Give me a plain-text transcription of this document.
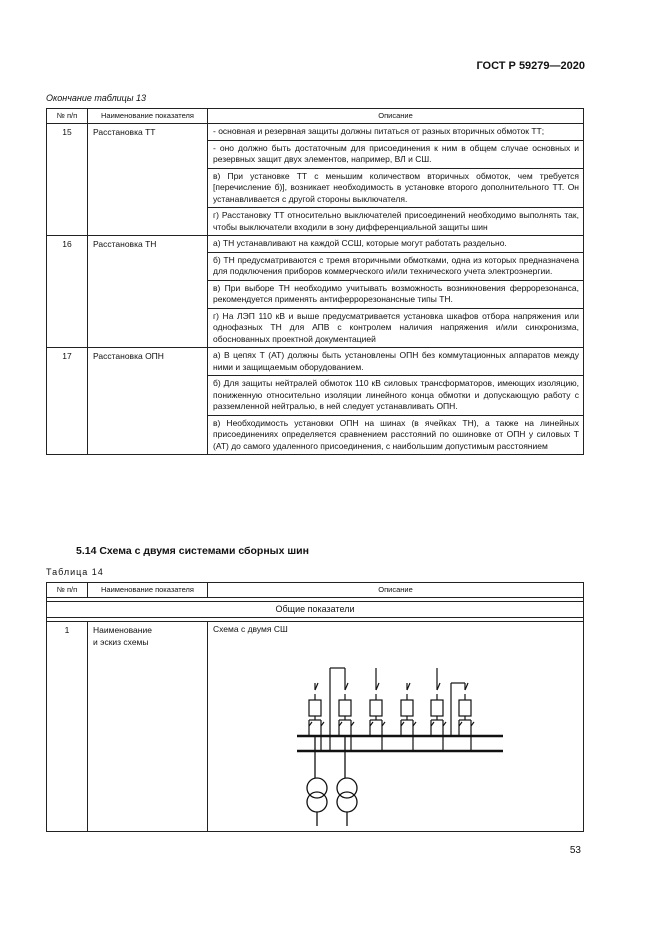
ГОСТ Р 59279—2020
Окончание таблицы 13
№ п/п	Наименование показателя	Описание
15	Расстановка ТТ	- основная и резервная защиты должны питаться от разных вторичных обмоток ТТ;

- оно должно быть достаточным для присоединения к ним в общем случае основных и резервных защит двух элементов, например, ВЛ и СШ.

в) При установке ТТ с меньшим количеством вторичных обмоток, чем требуется [перечисление б)], возникает необходимость в установке второго дополнительного ТТ. Он устанавливается с другой стороны выключателя.

г) Расстановку ТТ относительно выключателей присоединений необходимо выполнять так, чтобы выключатели входили в зону дифференциальной защиты шин

16	Расстановка ТН	а) ТН устанавливают на каждой ССШ, которые могут работать раздельно.

б) ТН предусматриваются с тремя вторичными обмотками, одна из которых предназначена для подключения приборов коммерческого и/или технического учета электроэнергии.

в) При выборе ТН необходимо учитывать возможность возникновения феррорезонанса, рекомендуется применять антиферрорезонансные типы ТН.

г) На ЛЭП 110 кВ и выше предусматривается установка шкафов отбора напряжения или однофазных ТН для АПВ с контролем наличия напряжения и/или синхронизма, обоснованных проектной документацией

17	Расстановка ОПН	а) В цепях Т (АТ) должны быть установлены ОПН без коммутационных аппаратов между ними и защищаемым оборудованием.

б) Для защиты нейтралей обмоток 110 кВ силовых трансформаторов, имеющих изоляцию, пониженную относительно изоляции линейного конца обмотки и допускающую работу с разземленной нейтралью, в ней следует устанавливать ОПН.

в) Необходимость установки ОПН на шинах (в ячейках ТН), а также на линейных присоединениях определяется сравнением расстояний по ошиновке от ОПН у силовых Т (АТ) до самого удаленного присоединения, с наибольшим допустимым расстоянием

5.14 Схема с двумя системами сборных шин
Таблица 14
№ п/п	Наименование показателя	Описание

Общие показатели		

1	Наименование
и эскиз схемы	Схема с двумя СШ
53
